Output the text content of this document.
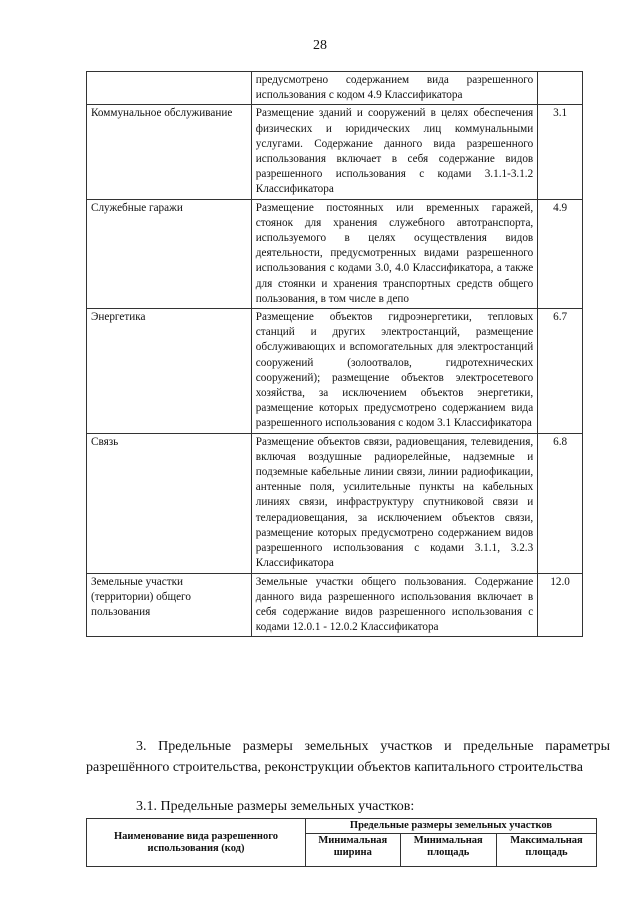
28
	предусмотрено содержанием вида разрешенного использования с кодом 4.9 Классификатора	
Коммунальное обслуживание	Размещение зданий и сооружений в целях обеспечения физических и юридических лиц коммунальными услугами. Содержание данного вида разрешенного использования включает в себя содержание видов разрешенного использования с кодами 3.1.1-3.1.2 Классификатора	3.1
Служебные гаражи	Размещение постоянных или временных гаражей, стоянок для хранения служебного автотранспорта, используемого в целях осуществления видов деятельности, предусмотренных видами разрешенного использования с кодами 3.0, 4.0 Классификатора, а также для стоянки и хранения транспортных средств общего пользования, в том числе в депо	4.9
Энергетика	Размещение объектов гидроэнергетики, тепловых станций и других электростанций, размещение обслуживающих и вспомогательных для электростанций сооружений (золоотвалов, гидротехнических сооружений); размещение объектов электросетевого хозяйства, за исключением объектов энергетики, размещение которых предусмотрено содержанием вида разрешенного использования с кодом 3.1 Классификатора	6.7
Связь	Размещение объектов связи, радиовещания, телевидения, включая воздушные радиорелейные, надземные и подземные кабельные линии связи, линии радиофикации, антенные поля, усилительные пункты на кабельных линиях связи, инфраструктуру спутниковой связи и телерадиовещания, за исключением объектов связи, размещение которых предусмотрено содержанием видов разрешенного использования с кодами 3.1.1, 3.2.3 Классификатора	6.8
Земельные участки (территории) общего пользования	Земельные участки общего пользования. Содержание данного вида разрешенного использования включает в себя содержание видов разрешенного использования с кодами 12.0.1 - 12.0.2 Классификатора	12.0
3. Предельные размеры земельных участков и предельные параметры разрешённого строительства, реконструкции объектов капитального строительства
3.1. Предельные размеры земельных участков:
Наименование вида разрешенного использования (код)	Предельные размеры земельных участков		
	Минимальная ширина	Минимальная площадь	Максимальная площадь
